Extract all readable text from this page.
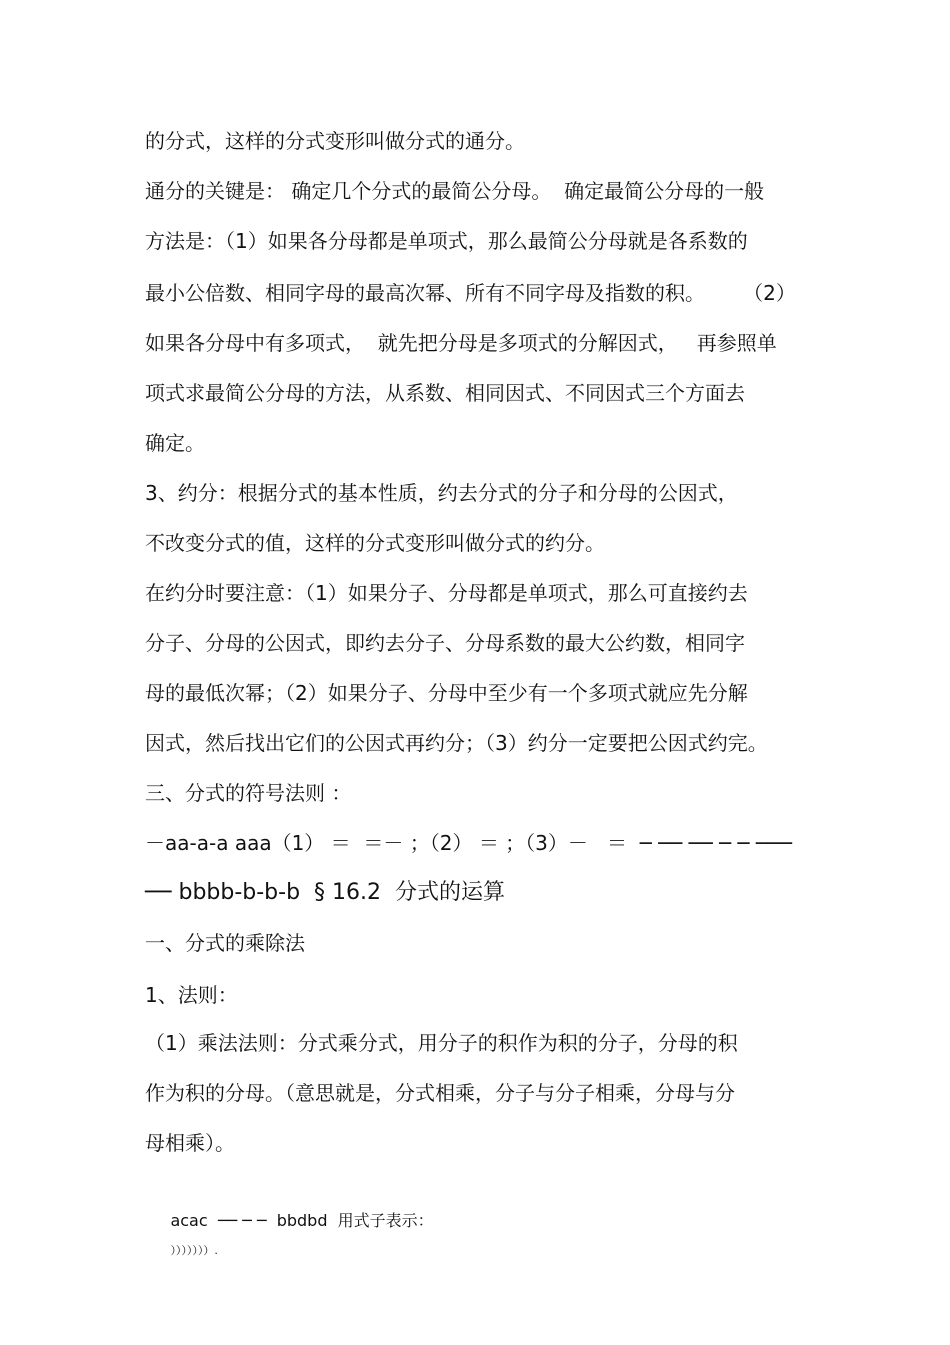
的分式，这样的分式变形叫做分式的通分。
通分的关键是： 确定几个分式的最简公分母。  确定最简公分母的一般
方法是：（1）如果各分母都是单项式，那么最简公分母就是各系数的
最小公倍数、相同字母的最高次幂、所有不同字母及指数的积。      （2）
如果各分母中有多项式，  就先把分母是多项式的分解因式，   再参照单
项式求最简公分母的方法，从系数、相同因式、不同因式三个方面去
确定。
3、约分：根据分式的基本性质，约去分式的分子和分母的公因式，
不改变分式的值，这样的分式变形叫做分式的约分。
在约分时要注意：（1）如果分子、分母都是单项式，那么可直接约去
分子、分母的公因式，即约去分子、分母系数的最大公约数，相同字
母的最低次幂；（2）如果分子、分母中至少有一个多项式就应先分解
因式，然后找出它们的公因式再约分；（3）约分一定要把公因式约完。
三、分式的符号法则 ：
－aa-a-a aaa（1） ＝  ＝－ ；（2） ＝ ；（3）－   ＝  ─ ── ── ─ ─ ───
── bbbb-b-b-b  § 16.2  分式的运算
一、分式的乘除法
1、法则：
（1）乘法法则：分式乘分式，用分子的积作为积的分子，分母的积
作为积的分母。（意思就是，分式相乘，分子与分子相乘，分母与分
母相乘）。

acac  ── ─ ─  bbdbd  用式子表示：
）））））））.
